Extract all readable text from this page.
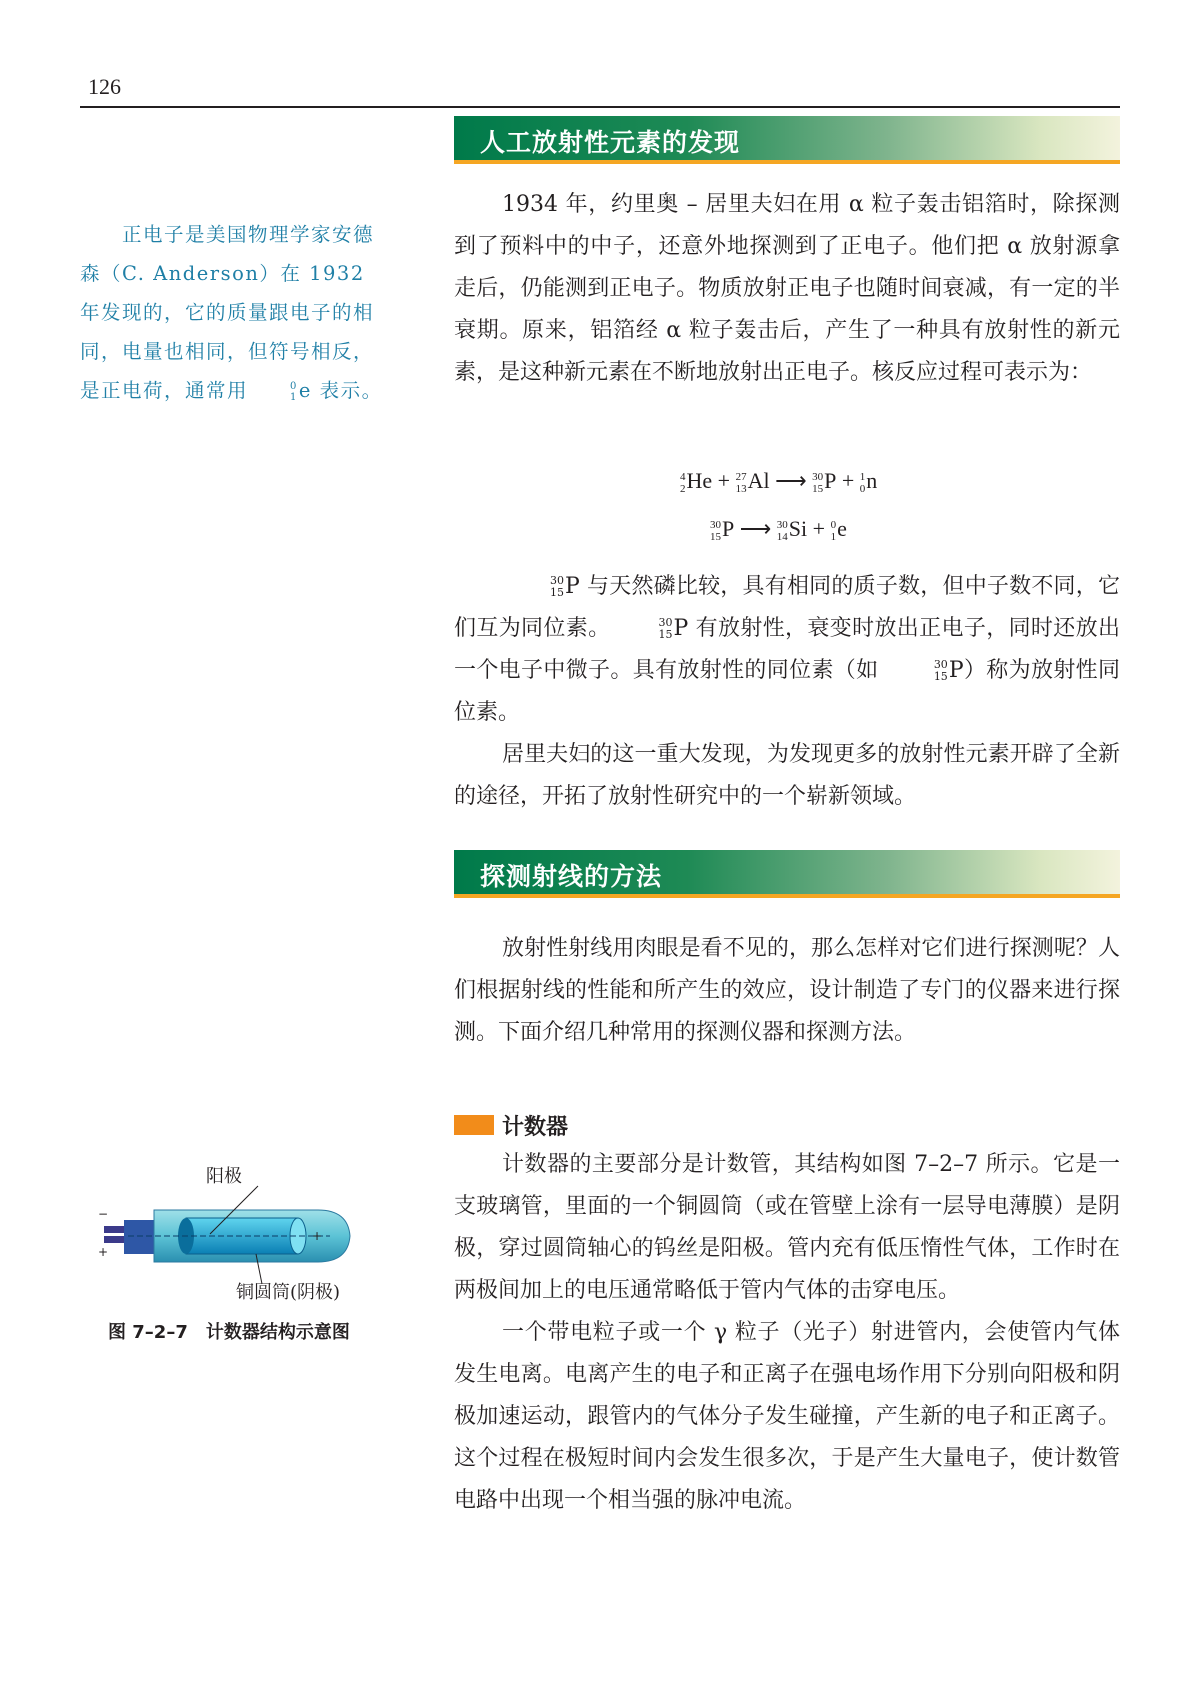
126

正电子是美国物理学家安德森（C. Anderson）在 1932 年发现的，它的质量跟电子的相同，电量也相同，但符号相反，是正电荷，通常用	0
1 e 表示。

人工放射性元素的发现

1934 年，约里奥 – 居里夫妇在用 α 粒子轰击铝箔时，除探测到了预料中的中子，还意外地探测到了正电子。他们把 α 放射源拿走后，仍能测到正电子。物质放射正电子也随时间衰减，有一定的半衰期。原来，铝箔经 α 粒子轰击后，产生了一种具有放射性的新元素，是这种新元素在不断地放射出正电子。核反应过程可表示为：

4
2 He + 27
13 Al ⟶ 30
15 P + 1
0 n
30
15 P ⟶ 30
14 Si + 0
1 e

30
15 P 与天然磷比较，具有相同的质子数，但中子数不同，它们互为同位素。	30
15 P 有放射性，衰变时放出正电子，同时还放出一个电子中微子。具有放射性的同位素（如	30
15 P）称为放射性同位素。

居里夫妇的这一重大发现，为发现更多的放射性元素开辟了全新的途径，开拓了放射性研究中的一个崭新领域。

探测射线的方法

放射性射线用肉眼是看不见的，那么怎样对它们进行探测呢？人们根据射线的性能和所产生的效应，设计制造了专门的仪器来进行探测。下面介绍几种常用的探测仪器和探测方法。

计数器

计数器的主要部分是计数管，其结构如图 7–2–7 所示。它是一支玻璃管，里面的一个铜圆筒（或在管壁上涂有一层导电薄膜）是阴极，穿过圆筒轴心的钨丝是阳极。管内充有低压惰性气体，工作时在两极间加上的电压通常略低于管内气体的击穿电压。

一个带电粒子或一个 γ 粒子（光子）射进管内，会使管内气体发生电离。电离产生的电子和正离子在强电场作用下分别向阳极和阴极加速运动，跟管内的气体分子发生碰撞，产生新的电子和正离子。这个过程在极短时间内会发生很多次，于是产生大量电子，使计数管电路中出现一个相当强的脉冲电流。

−
+
+
阳极
铜圆筒(阴极)
图 7–2–7　计数器结构示意图
